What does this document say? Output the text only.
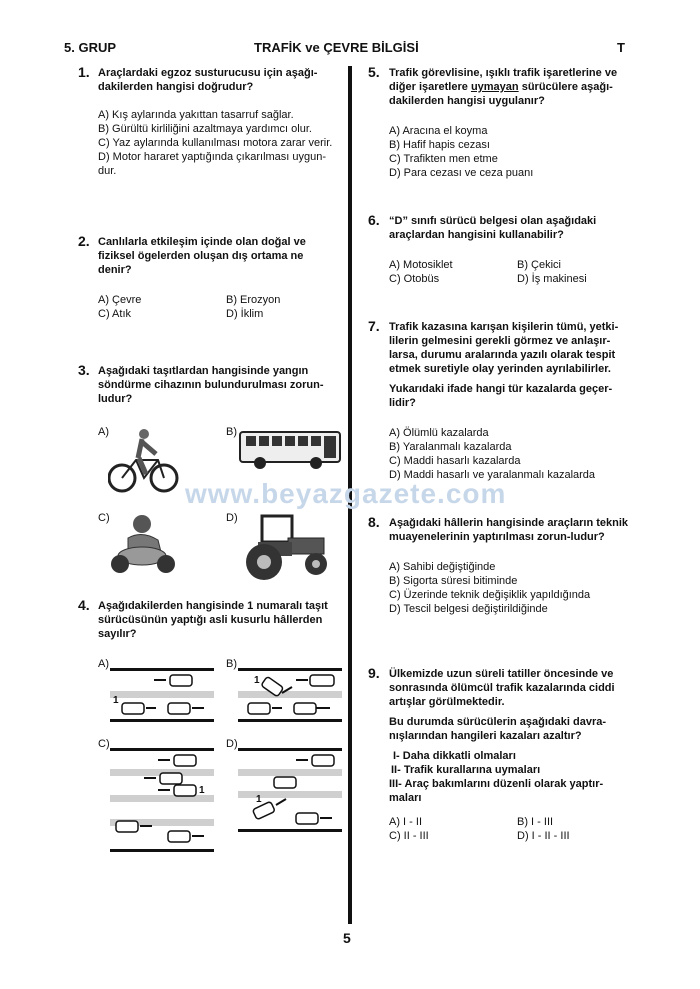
5. GRUP	TRAFİK ve ÇEVRE BİLGİSİ	T
1. Araçlardaki egzoz susturucusu için aşağı-dakilerden hangisi doğrudur?
A) Kış aylarında yakıttan tasarruf sağlar.
B) Gürültü kirliliğini azaltmaya yardımcı olur.
C) Yaz aylarında kullanılması motora zarar verir.
D) Motor hararet yaptığında çıkarılması uygun-dur.
2. Canlılarla etkileşim içinde olan doğal ve fiziksel ögelerden oluşan dış ortama ne denir?
A) Çevre	B) Erozyon
C) Atık	D) İklim
3. Aşağıdaki taşıtlardan hangisinde yangın söndürme cihazının bulundurulması zorun-ludur?
A)	B)
C)	D)
4. Aşağıdakilerden hangisinde 1 numaralı taşıt sürücüsünün yaptığı asli kusurlu hâllerden sayılır?
A)	B)
C)	D)
1
1
1
1
5. Trafik görevlisine, ışıklı trafik işaretlerine ve diğer işaretlere uymayan sürücülere aşağı-dakilerden hangisi uygulanır?
A) Aracına el koyma
B) Hafif hapis cezası
C) Trafikten men etme
D) Para cezası ve ceza puanı
6. “D” sınıfı sürücü belgesi olan aşağıdaki araçlardan hangisini kullanabilir?
A) Motosiklet	B) Çekici
C) Otobüs	D) İş makinesi
7. Trafik kazasına karışan kişilerin tümü, yetki-lilerin gelmesini gerekli görmez ve anlaşır-larsa, durumu aralarında yazılı olarak tespit etmek suretiyle olay yerinden ayrılabilirler.
Yukarıdaki ifade hangi tür kazalarda geçer-lidir?
A) Ölümlü kazalarda
B) Yaralanmalı kazalarda
C) Maddi hasarlı kazalarda
D) Maddi hasarlı ve yaralanmalı kazalarda
8. Aşağıdaki hâllerin hangisinde araçların teknik muayenelerinin yaptırılması zorun-ludur?
A) Sahibi değiştiğinde
B) Sigorta süresi bitiminde
C) Üzerinde teknik değişiklik yapıldığında
D) Tescil belgesi değiştirildiğinde
9. Ülkemizde uzun süreli tatiller öncesinde ve sonrasında ölümcül trafik kazalarında ciddi artışlar görülmektedir.
Bu durumda sürücülerin aşağıdaki davra-nışlarından hangileri kazaları azaltır?
I- Daha dikkatli olmaları
II- Trafik kurallarına uymaları
III- Araç bakımlarını düzenli olarak yaptır-maları
A) I - II	B) I - III
C) II - III	D) I - II - III
www.beyazgazete.com
5
